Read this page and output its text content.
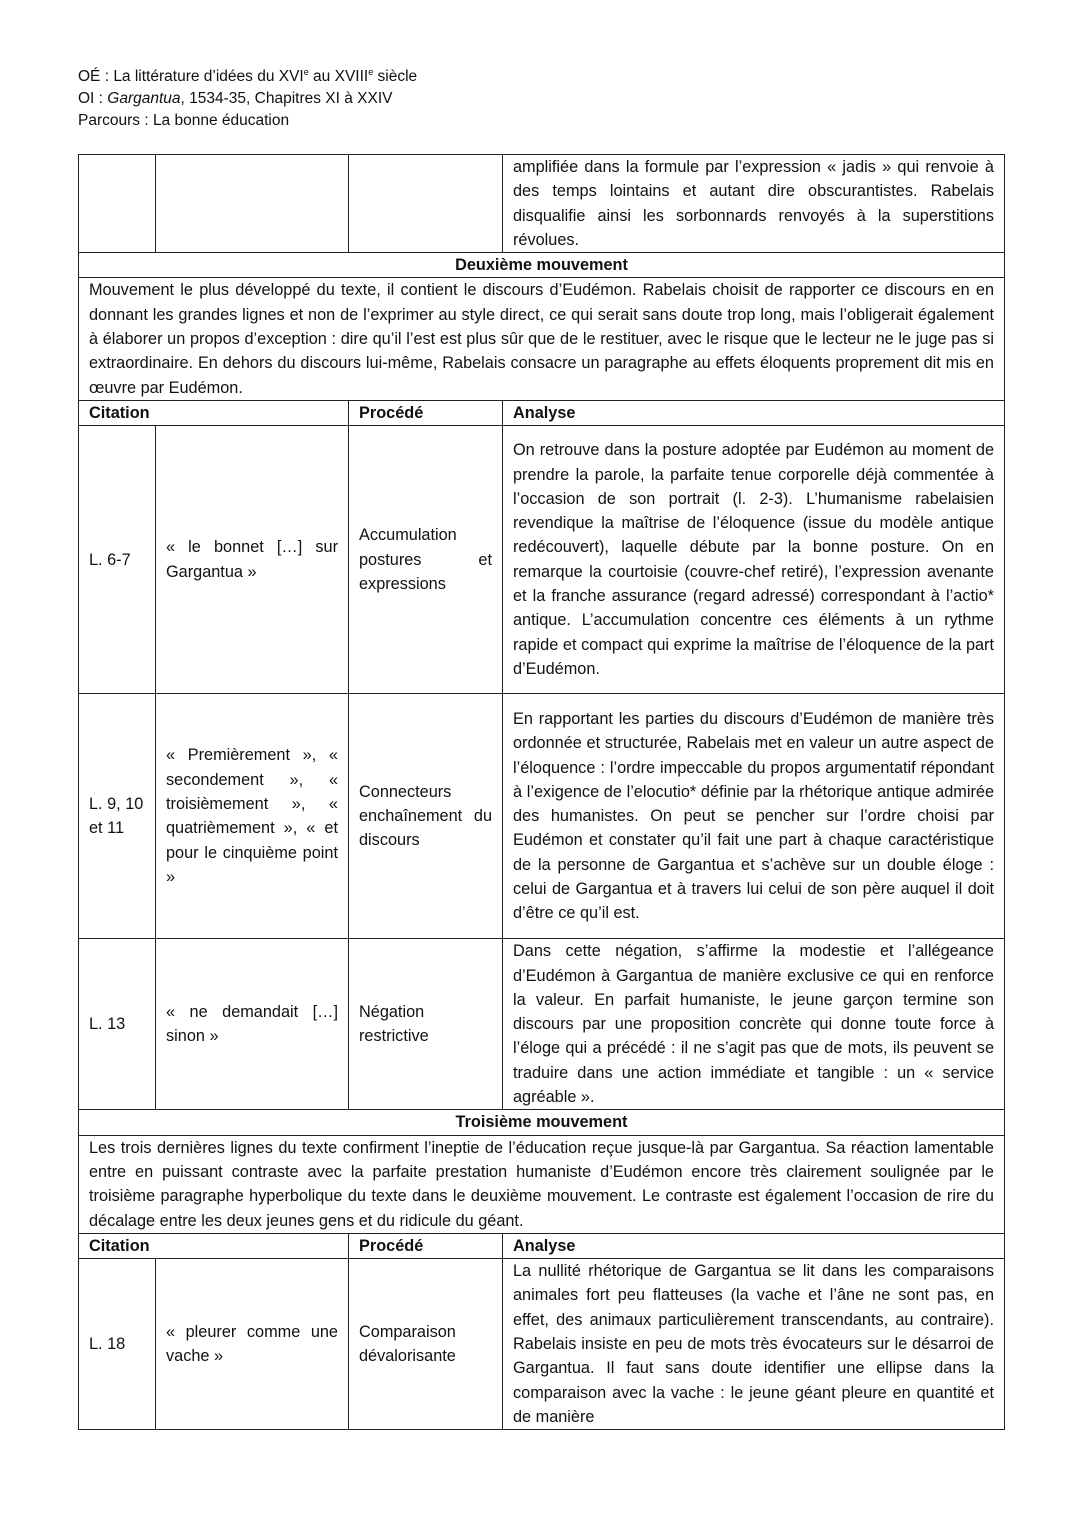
OÉ : La littérature d’idées du XVIe au XVIIIe siècle
OI : Gargantua, 1534-35, Chapitres XI à XXIV
Parcours : La bonne éducation
			amplifiée dans la formule par l’expression « jadis » qui renvoie à des temps lointains et autant dire obscurantistes. Rabelais disqualifie ainsi les sorbonnards renvoyés à la superstitions révolues.
Deuxième mouvement			
Mouvement le plus développé du texte, il contient le discours d’Eudémon. Rabelais choisit de rapporter ce discours en en donnant les grandes lignes et non de l’exprimer au style direct, ce qui serait sans doute trop long, mais l’obligerait également à élaborer un propos d’exception : dire qu’il l’est est plus sûr que de le restituer, avec le risque que le lecteur ne le juge pas si extraordinaire. En dehors du discours lui-même, Rabelais consacre un paragraphe au effets éloquents proprement dit mis en œuvre par Eudémon.			
Citation		Procédé	Analyse
L. 6-7	« le bonnet […] sur Gargantua »	Accumulation postures et expressions	On retrouve dans la posture adoptée par Eudémon au moment de prendre la parole, la parfaite tenue corporelle déjà commentée à l’occasion de son portrait (l. 2-3). L’humanisme rabelaisien revendique la maîtrise de l’éloquence (issue du modèle antique redécouvert), laquelle débute par la bonne posture. On en remarque la courtoisie (couvre-chef retiré), l’expression avenante et la franche assurance (regard adressé) correspondant à l’actio* antique. L’accumulation concentre ces éléments à un rythme rapide et compact qui exprime la maîtrise de l’éloquence de la part d’Eudémon.
L. 9, 10 et 11	« Premièrement », « secondement », « troisièmement », « quatrièmement », « et pour le cinquième point »	Connecteurs enchaînement du discours	En rapportant les parties du discours d’Eudémon de manière très ordonnée et structurée, Rabelais met en valeur un autre aspect de l’éloquence : l’ordre impeccable du propos argumentatif répondant à l’exigence de l’elocutio* définie par la rhétorique antique admirée des humanistes. On peut se pencher sur l’ordre choisi par Eudémon et constater qu’il fait une part à chaque caractéristique de la personne de Gargantua et s’achève sur un double éloge : celui de Gargantua et à travers lui celui de son père auquel il doit d’être ce qu’il est.
L. 13	« ne demandait […] sinon »	Négation restrictive	Dans cette négation, s’affirme la modestie et l’allégeance d’Eudémon à Gargantua de manière exclusive ce qui en renforce la valeur. En parfait humaniste, le jeune garçon termine son discours par une proposition concrète qui donne toute force à l’éloge qui a précédé : il ne s’agit pas que de mots, ils peuvent se traduire dans une action immédiate et tangible : un « service agréable ».
Troisième mouvement			
Les trois dernières lignes du texte confirment l’ineptie de l’éducation reçue jusque-là par Gargantua. Sa réaction lamentable entre en puissant contraste avec la parfaite prestation humaniste d’Eudémon encore très clairement soulignée par le troisième paragraphe hyperbolique du texte dans le deuxième mouvement. Le contraste est également l’occasion de rire du décalage entre les deux jeunes gens et du ridicule du géant.			
Citation		Procédé	Analyse
L. 18	« pleurer comme une vache »	Comparaison dévalorisante	La nullité rhétorique de Gargantua se lit dans les comparaisons animales fort peu flatteuses (la vache et l’âne ne sont pas, en effet, des animaux particulièrement transcendants, au contraire). Rabelais insiste en peu de mots très évocateurs sur le désarroi de Gargantua. Il faut sans doute identifier une ellipse dans la comparaison avec la vache : le jeune géant pleure en quantité et de manière
